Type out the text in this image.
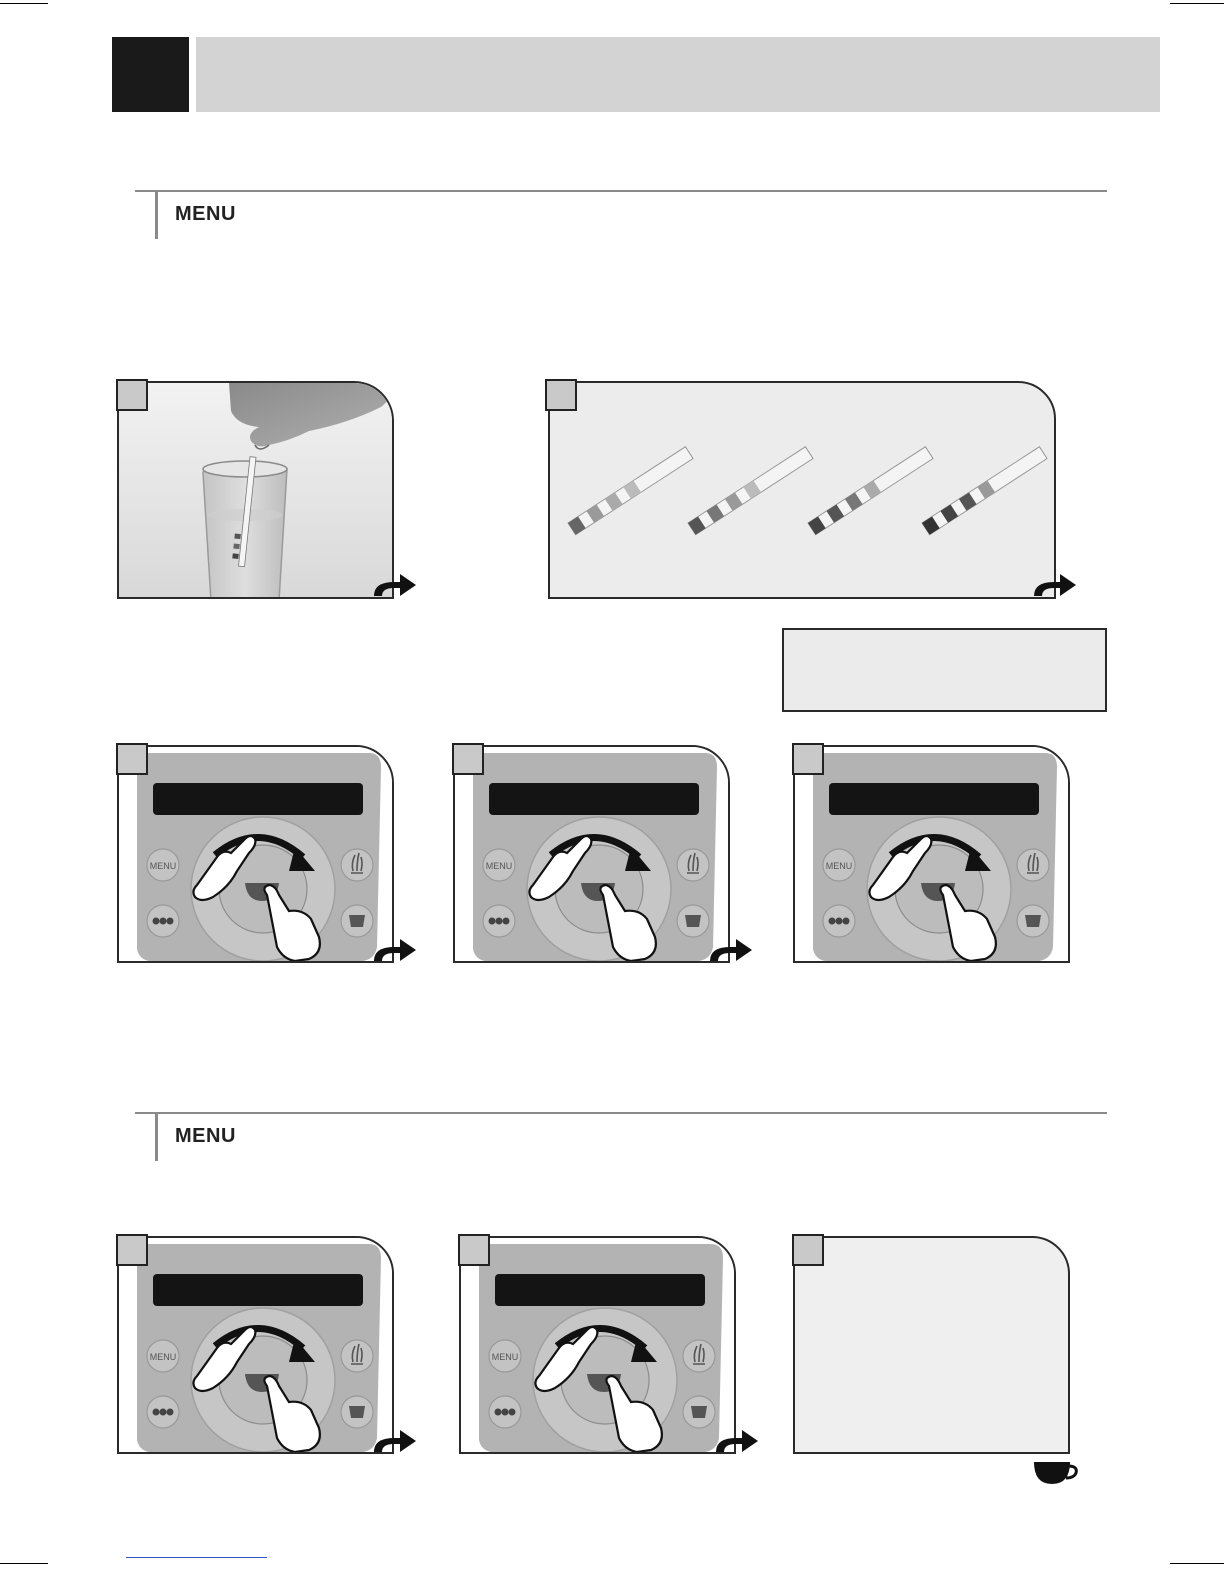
MENU
MENU	MENU	MENU
MENU
MENU	MENU
